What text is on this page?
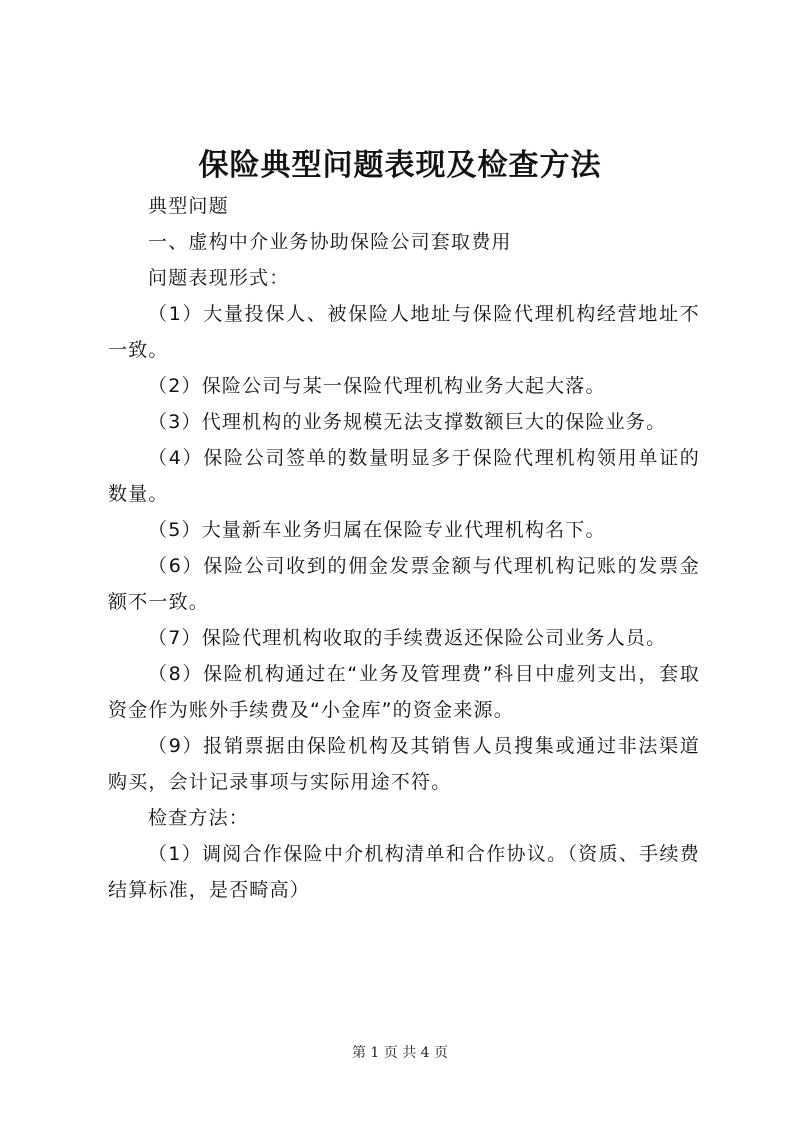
保险典型问题表现及检查方法

典型问题

一、虚构中介业务协助保险公司套取费用

问题表现形式：

（1）大量投保人、被保险人地址与保险代理机构经营地址不一致。

（2）保险公司与某一保险代理机构业务大起大落。

（3）代理机构的业务规模无法支撑数额巨大的保险业务。

（4）保险公司签单的数量明显多于保险代理机构领用单证的数量。

（5）大量新车业务归属在保险专业代理机构名下。

（6）保险公司收到的佣金发票金额与代理机构记账的发票金额不一致。

（7）保险代理机构收取的手续费返还保险公司业务人员。

（8）保险机构通过在“业务及管理费”科目中虚列支出，套取资金作为账外手续费及“小金库”的资金来源。

（9）报销票据由保险机构及其销售人员搜集或通过非法渠道购买，会计记录事项与实际用途不符。

检查方法：

（1）调阅合作保险中介机构清单和合作协议。（资质、手续费结算标准，是否畸高）

第 1 页 共 4 页
